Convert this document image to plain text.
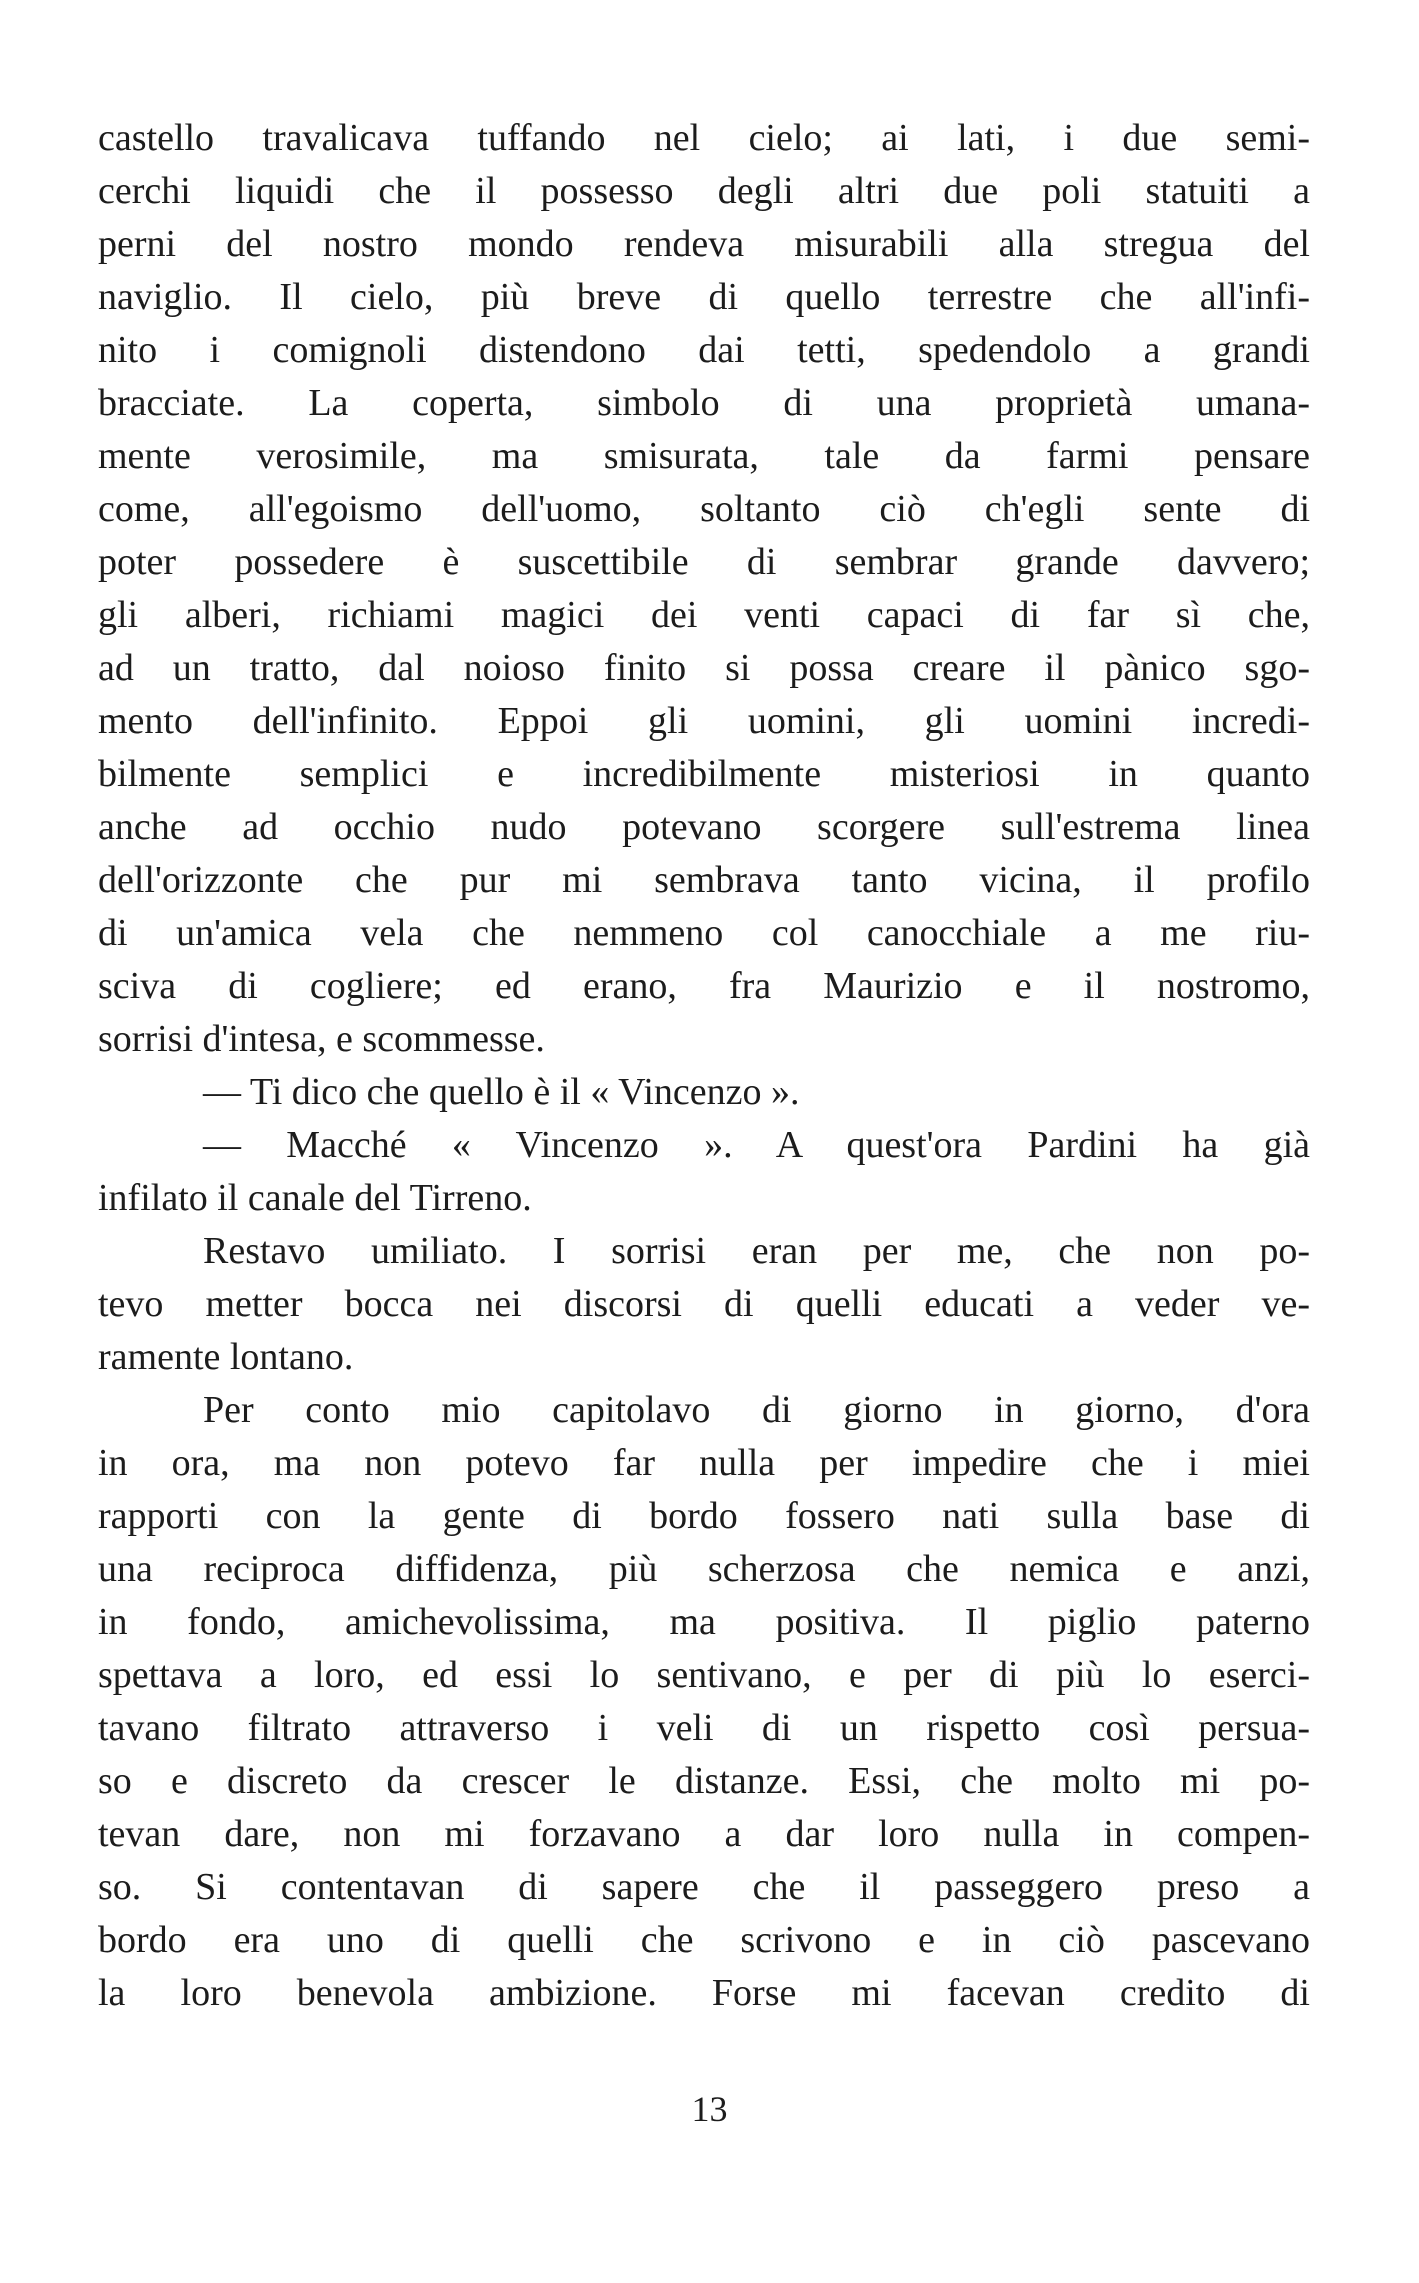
castello travalicava tuffando nel cielo; ai lati, i due semi-
cerchi liquidi che il possesso degli altri due poli statuiti a
perni del nostro mondo rendeva misurabili alla stregua del
naviglio. Il cielo, più breve di quello terrestre che all'infi-
nito i comignoli distendono dai tetti, spedendolo a grandi
bracciate. La coperta, simbolo di una proprietà umana-
mente verosimile, ma smisurata, tale da farmi pensare
come, all'egoismo dell'uomo, soltanto ciò ch'egli sente di
poter possedere è suscettibile di sembrar grande davvero;
gli alberi, richiami magici dei venti capaci di far sì che,
ad un tratto, dal noioso finito si possa creare il pànico sgo-
mento dell'infinito. Eppoi gli uomini, gli uomini incredi-
bilmente semplici e incredibilmente misteriosi in quanto
anche ad occhio nudo potevano scorgere sull'estrema linea
dell'orizzonte che pur mi sembrava tanto vicina, il profilo
di un'amica vela che nemmeno col canocchiale a me riu-
sciva di cogliere; ed erano, fra Maurizio e il nostromo,
sorrisi d'intesa, e scommesse.
— Ti dico che quello è il « Vincenzo ».
— Macché « Vincenzo ». A quest'ora Pardini ha già
infilato il canale del Tirreno.
Restavo umiliato. I sorrisi eran per me, che non po-
tevo metter bocca nei discorsi di quelli educati a veder ve-
ramente lontano.
Per conto mio capitolavo di giorno in giorno, d'ora
in ora, ma non potevo far nulla per impedire che i miei
rapporti con la gente di bordo fossero nati sulla base di
una reciproca diffidenza, più scherzosa che nemica e anzi,
in fondo, amichevolissima, ma positiva. Il piglio paterno
spettava a loro, ed essi lo sentivano, e per di più lo eserci-
tavano filtrato attraverso i veli di un rispetto così persua-
so e discreto da crescer le distanze. Essi, che molto mi po-
tevan dare, non mi forzavano a dar loro nulla in compen-
so. Si contentavan di sapere che il passeggero preso a
bordo era uno di quelli che scrivono e in ciò pascevano
la loro benevola ambizione. Forse mi facevan credito di
13
